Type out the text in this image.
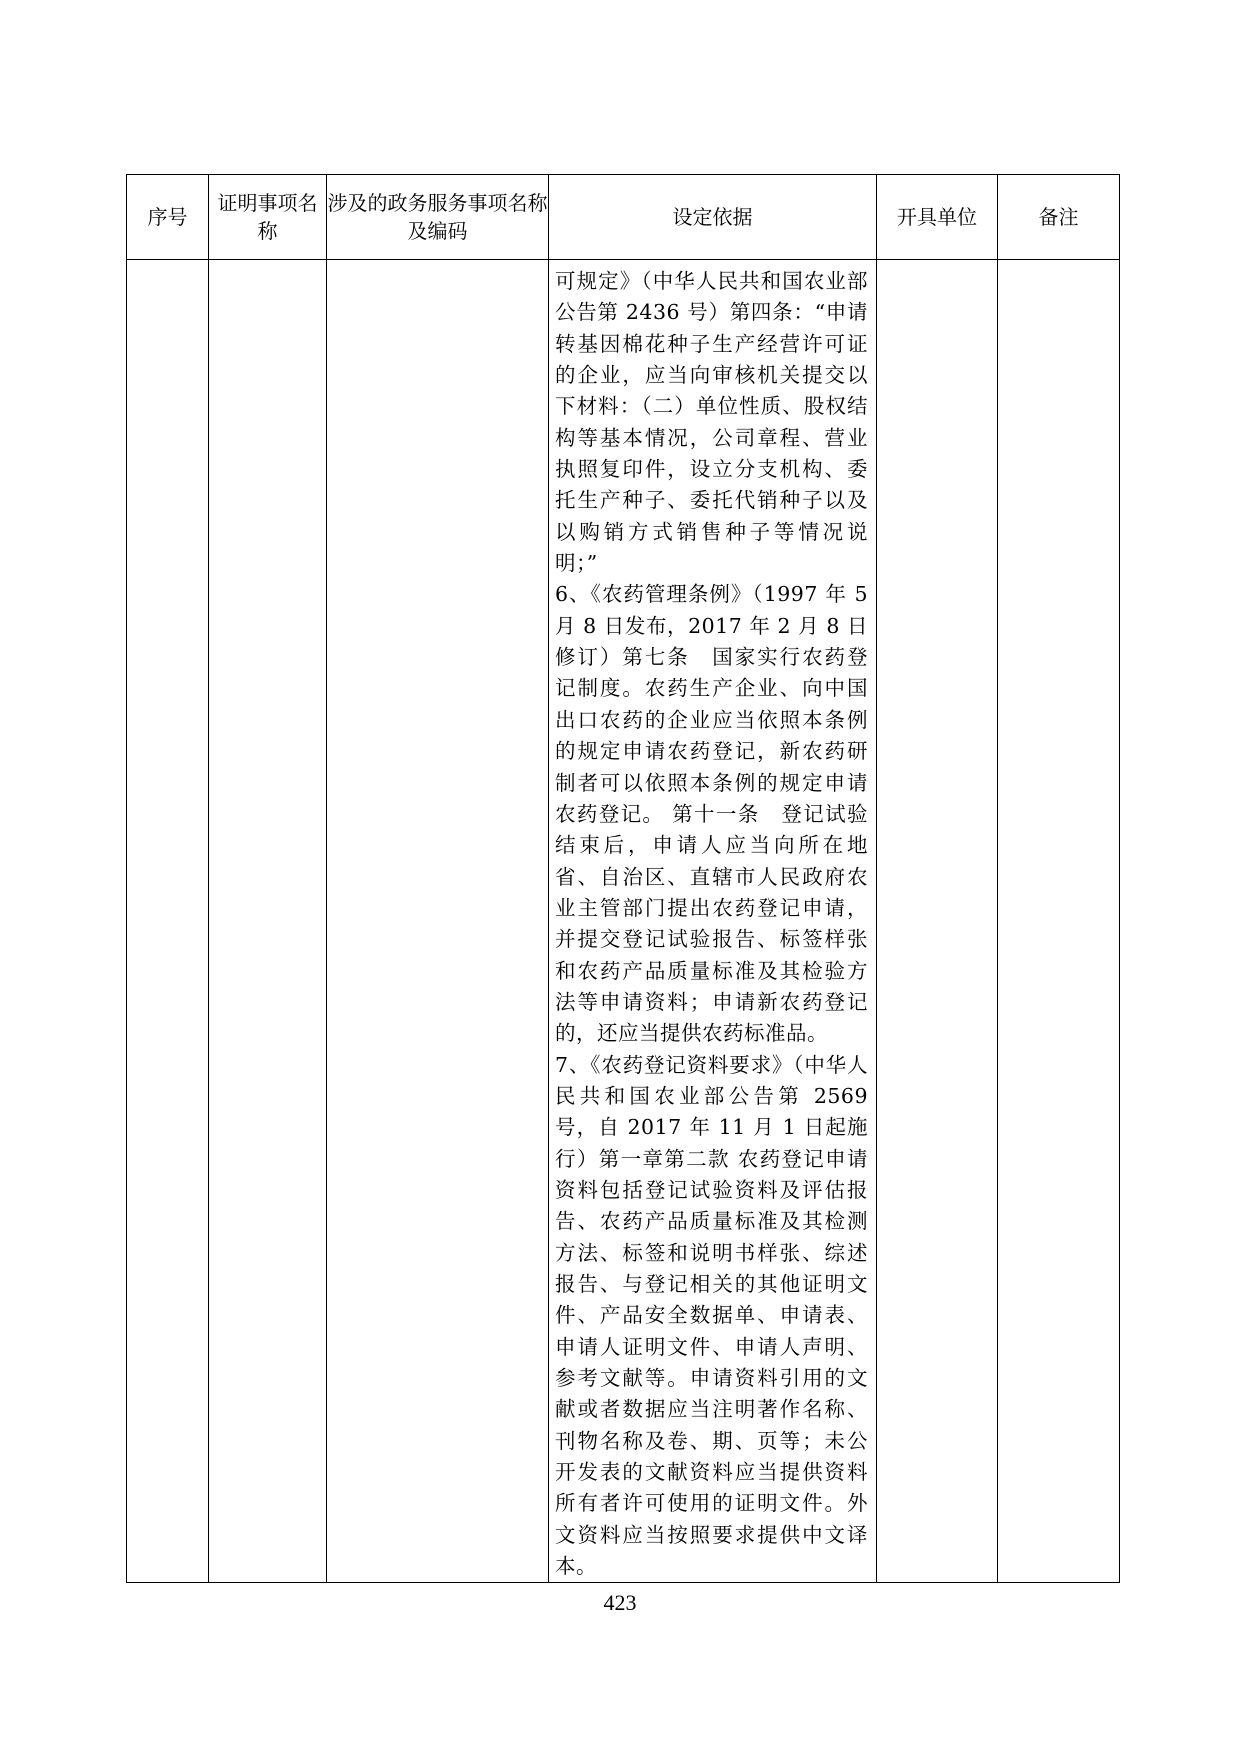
序号	证明事项名称	涉及的政务服务事项名称及编码	设定依据	开具单位	备注

			可规定》（中华人民共和国农业部公告第 2436 号）第四条：“申请转基因棉花种子生产经营许可证的企业，应当向审核机关提交以下材料：（二）单位性质、股权结构等基本情况，公司章程、营业执照复印件，设立分支机构、委托生产种子、委托代销种子以及以购销方式销售种子等情况说明；”

6、《农药管理条例》（1997 年 5 月 8 日发布，2017 年 2 月 8 日修订）第七条　国家实行农药登记制度。农药生产企业、向中国出口农药的企业应当依照本条例的规定申请农药登记，新农药研制者可以依照本条例的规定申请农药登记。 第十一条　登记试验结束后，申请人应当向所在地省、自治区、直辖市人民政府农业主管部门提出农药登记申请，并提交登记试验报告、标签样张和农药产品质量标准及其检验方法等申请资料；申请新农药登记的，还应当提供农药标准品。

7、《农药登记资料要求》（中华人民共和国农业部公告第 2569 号，自 2017 年 11 月 1 日起施行）第一章第二款 农药登记申请资料包括登记试验资料及评估报告、农药产品质量标准及其检测方法、标签和说明书样张、综述报告、与登记相关的其他证明文件、产品安全数据单、申请表、申请人证明文件、申请人声明、参考文献等。申请资料引用的文献或者数据应当注明著作名称、刊物名称及卷、期、页等；未公开发表的文献资料应当提供资料所有者许可使用的证明文件。外文资料应当按照要求提供中文译本。		

423
